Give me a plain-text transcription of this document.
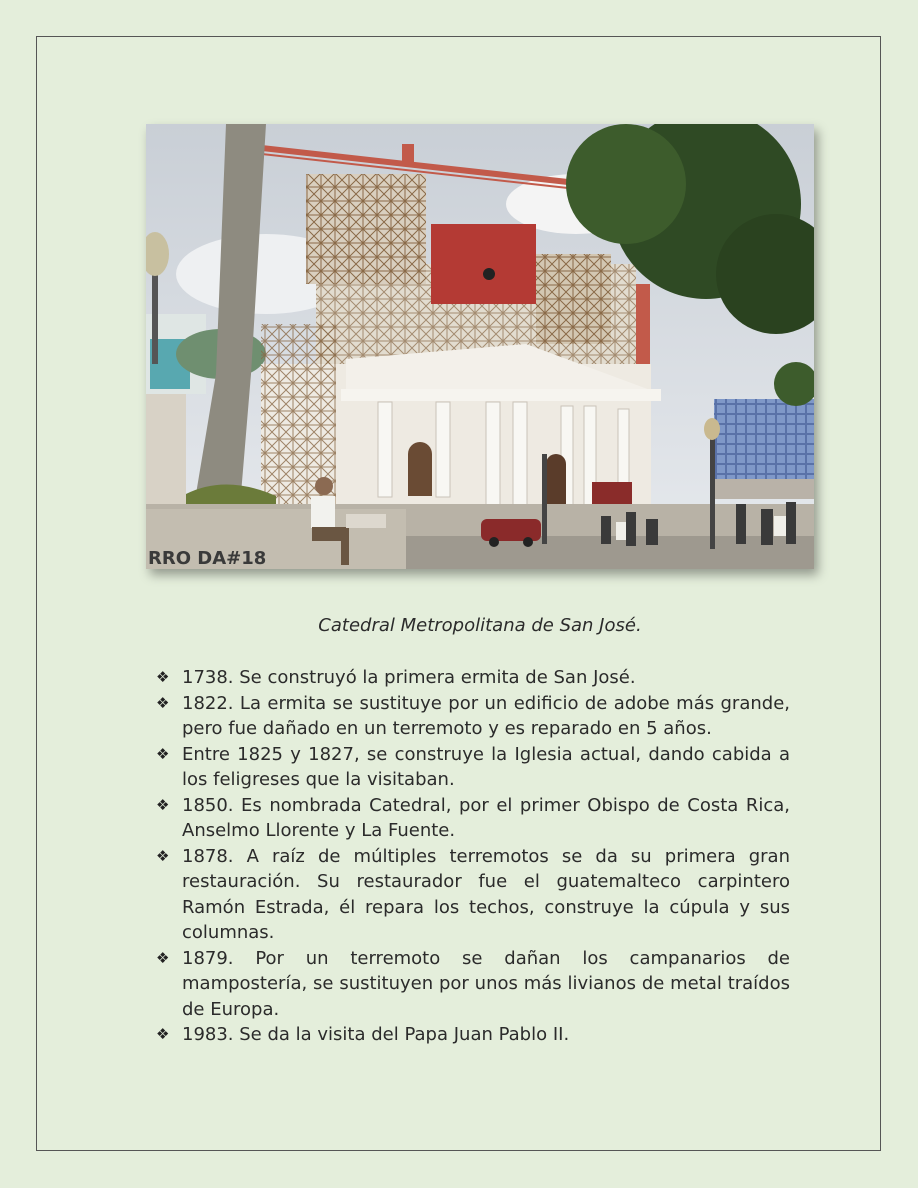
RRO DA#18

Catedral Metropolitana de San José.

❖ 1738. Se construyó la primera ermita de San José.
❖ 1822. La ermita se sustituye por un edificio de adobe más grande, pero fue dañado en un terremoto y es reparado en 5 años.
❖ Entre 1825 y 1827, se construye la Iglesia actual, dando cabida a los feligreses que la visitaban.
❖ 1850. Es nombrada Catedral, por el primer Obispo de Costa Rica, Anselmo Llorente y La Fuente.
❖ 1878. A raíz de múltiples terremotos se da su primera gran restauración. Su restaurador fue el guatemalteco carpintero Ramón Estrada, él repara los techos, construye la cúpula y sus columnas.
❖ 1879. Por un terremoto se dañan los campanarios de mampostería, se sustituyen por unos más livianos de metal traídos de Europa.
❖ 1983. Se da la visita del Papa Juan Pablo II.
